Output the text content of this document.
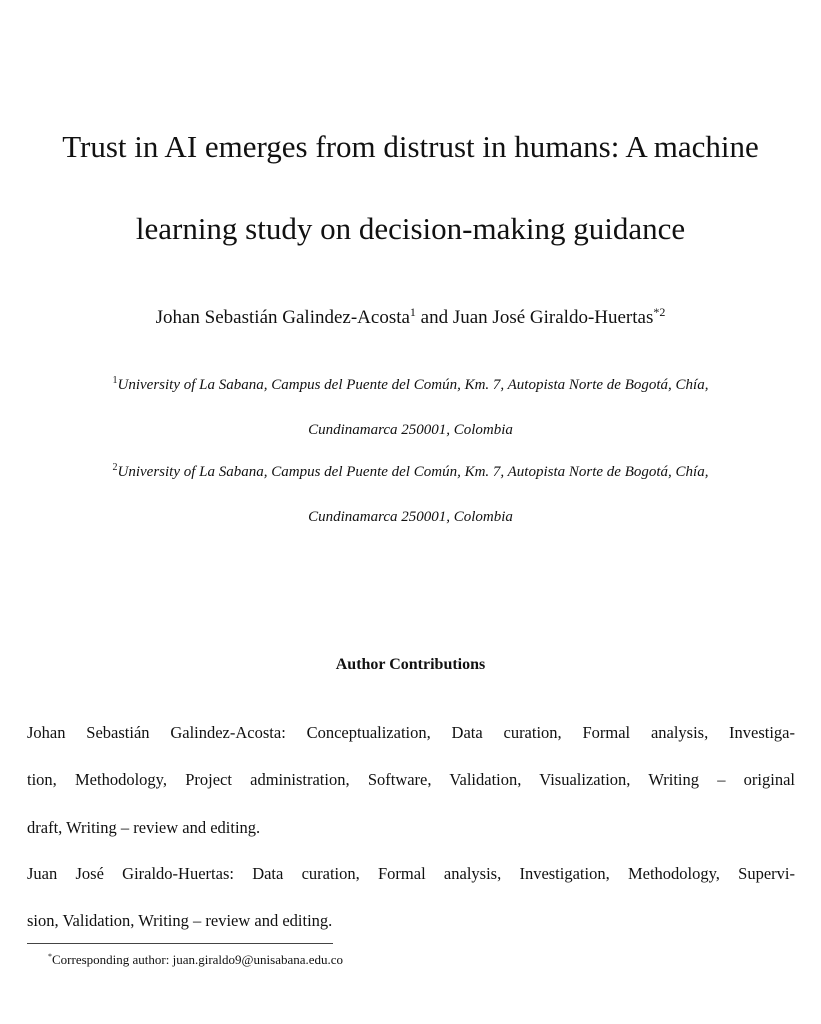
Trust in AI emerges from distrust in humans: A machine
learning study on decision-making guidance
Johan Sebastián Galindez-Acosta$^1$ and Juan José Giraldo-Huertas$^{*2}$
$^1$University of La Sabana, Campus del Puente del Común, Km. 7, Autopista Norte de Bogotá, Chía,
Cundinamarca 250001, Colombia
$^2$University of La Sabana, Campus del Puente del Común, Km. 7, Autopista Norte de Bogotá, Chía,
Cundinamarca 250001, Colombia
Author Contributions
Johan Sebastián Galindez-Acosta: Conceptualization, Data curation, Formal analysis, Investiga-
tion, Methodology, Project administration, Software, Validation, Visualization, Writing – original
draft, Writing – review and editing.
Juan José Giraldo-Huertas: Data curation, Formal analysis, Investigation, Methodology, Supervi-
sion, Validation, Writing – review and editing.
*Corresponding author: juan.giraldo9@unisabana.edu.co
